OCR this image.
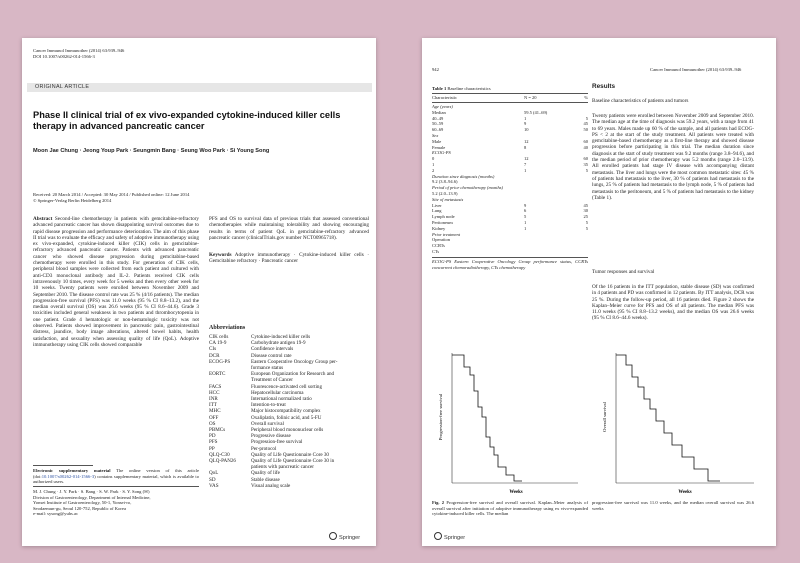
Cancer Immunol Immunother (2014) 63:939–946
DOI 10.1007/s00262-014-1566-3
ORIGINAL ARTICLE
Phase II clinical trial of ex vivo-expanded cytokine-induced killer cells therapy in advanced pancreatic cancer
Moon Jae Chung · Jeong Youp Park · Seungmin Bang · Seung Woo Park · Si Young Song
Received: 20 March 2014 / Accepted: 30 May 2014 / Published online: 12 June 2014
© Springer-Verlag Berlin Heidelberg 2014
Abstract Second-line chemotherapy in patients with gemcitabine-refractory advanced pancreatic cancer has shown disappointing survival outcomes due to rapid disease progression and performance deterioration. The aim of this phase II trial was to evaluate the efficacy and safety of adoptive immunotherapy using ex vivo-expanded, cytokine-induced killer (CIK) cells in gemcitabine-refractory advanced pancreatic cancer. Patients with advanced pancreatic cancer who showed disease progression during gemcitabine-based chemotherapy were enrolled in this study. For generation of CIK cells, peripheral blood samples were collected from each patient and cultured with anti-CD3 monoclonal antibody and IL-2. Patients received CIK cells intravenously 10 times, every week for 5 weeks and then every other week for 10 weeks. Twenty patients were enrolled between November 2009 and September 2010. The disease control rate was 25 % (4/16 patients). The median progression-free survival (PFS) was 11.0 weeks (95 % CI 8.8–13.2), and the median overall survival (OS) was 26.6 weeks (95 % CI 8.6–44.6). Grade 3 toxicities included general weakness in two patients and thrombocytopenia in one patient. Grade 4 hematologic or non-hematologic toxicity was not observed. Patients showed improvement in pancreatic pain, gastrointestinal distress, jaundice, body image alterations, altered bowel habits, health satisfaction, and sexuality when assessing quality of life (QoL). Adoptive immunotherapy using CIK cells showed comparable
Electronic supplementary material The online version of this article (doi:10.1007/s00262-014-1566-3) contains supplementary material, which is available to authorized users.
M. J. Chung · J. Y. Park · S. Bang · S. W. Park · S. Y. Song (✉)
Division of Gastroenterology, Department of Internal Medicine,
Yonsei Institute of Gastroenterology, 50-1, Yonsei-ro,
Seodaemun-gu, Seoul 120-752, Republic of Korea
e-mail: sysong@yuhs.ac
PFS and OS to survival data of previous trials that assessed conventional chemotherapies while maintaining tolerability and showing encouraging results in terms of patient QoL in gemcitabine-refractory advanced pancreatic cancer (clinicalTrials.gov number NCT00965718).
Keywords Adoptive immunotherapy · Cytokine-induced killer cells · Gemcitabine refractory · Pancreatic cancer
Abbreviations
CIK cells	Cytokine-induced killer cells
CA 19-9	Carbohydrate antigen 19-9
CIs	Confidence intervals
DCR	Disease control rate
ECOG-PS	Eastern Cooperative Oncology Group per-
formance status
EORTC	European Organization for Research and
Treatment of Cancer
FACS	Fluorescence-activated cell sorting
HCC	Hepatocellular carcinoma
INR	International normalized ratio
ITT	Intention-to-treat
MHC	Major histocompatibility complex
OFF	Oxaliplatin, folinic acid, and 5-FU
OS	Overall survival
PBMCs	Peripheral blood mononuclear cells
PD	Progressive disease
PFS	Progression-free survival
PP	Per-protocol
QLQ-C30	Quality of Life Questionnaire Core 30
QLQ-PAN26	Quality of Life Questionnaire Core 30 in
patients with pancreatic cancer
QoL	Quality of life
SD	Stable disease
VAS	Visual analog scale
Springer
942	Cancer Immunol Immunother (2014) 63:939–946
Table 1 Baseline characteristics
Characteristic	N = 20	%
Age (years)
Median	59.5 (41–69)
40–49	1	5
50–59	9	45
60–69	10	50
Sex
Male	12	60
Female	8	40
ECOG-PS
0	12	60
1	7	35
2	1	5
Duration since diagnosis (months)
9.2 (3.8–94.6)
Period of prior chemotherapy (months)
5.2 (2.0–13.9)
Site of metastasis
Liver	9	45
Lung	6	30
Lymph node	5	25
Peritoneum	1	5
Kidney	1	5
Prior treatment
Operation
CCRTs
CTs
ECOG-PS Eastern Cooperative Oncology Group performance status, CCRTs concurrent chemoradiotherapy, CTs chemotherapy
Results
Baseline characteristics of patients and tumors
Twenty patients were enrolled between November 2009 and September 2010. The median age at the time of diagnosis was 59.2 years, with a range from 41 to 69 years. Males made up 60 % of the sample, and all patients had ECOG-PS < 2 at the start of the study treatment. All patients were treated with gemcitabine-based chemotherapy as a first-line therapy and showed disease progression before participating in this trial. The median duration since diagnosis at the start of study treatment was 9.2 months (range 3.8–94.6), and the median period of prior chemotherapy was 5.2 months (range 2.0–13.9). All enrolled patients had stage IV disease with accompanying distant metastasis. The liver and lungs were the most common metastatic sites: 45 % of patients had metastasis to the liver, 30 % of patients had metastasis to the lungs, 25 % of patients had metastasis to the lymph node, 5 % of patients had metastasis to the peritoneum, and 5 % of patients had metastasis to the kidney (Table 1).
Tumor responses and survival
Of the 16 patients in the ITT population, stable disease (SD) was confirmed in 4 patients and PD was confirmed in 12 patients. By ITT analysis, DCR was 25 %. During the follow-up period, all 16 patients died. Figure 2 shows the Kaplan–Meier curve for PFS and OS of all patients. The median PFS was 11.0 weeks (95 % CI 8.8–13.2 weeks), and the median OS was 26.6 weeks (95 % CI 8.6–44.6 weeks).
Progression-free survival
Weeks
Overall survival
Weeks
Fig. 2 Progression-free survival and overall survival. Kaplan–Meier analysis of overall survival after initiation of adoptive immunotherapy using ex vivo-expanded cytokine-induced killer cells. The median
progression-free survival was 11.0 weeks, and the median overall survival was 26.6 weeks
Springer
